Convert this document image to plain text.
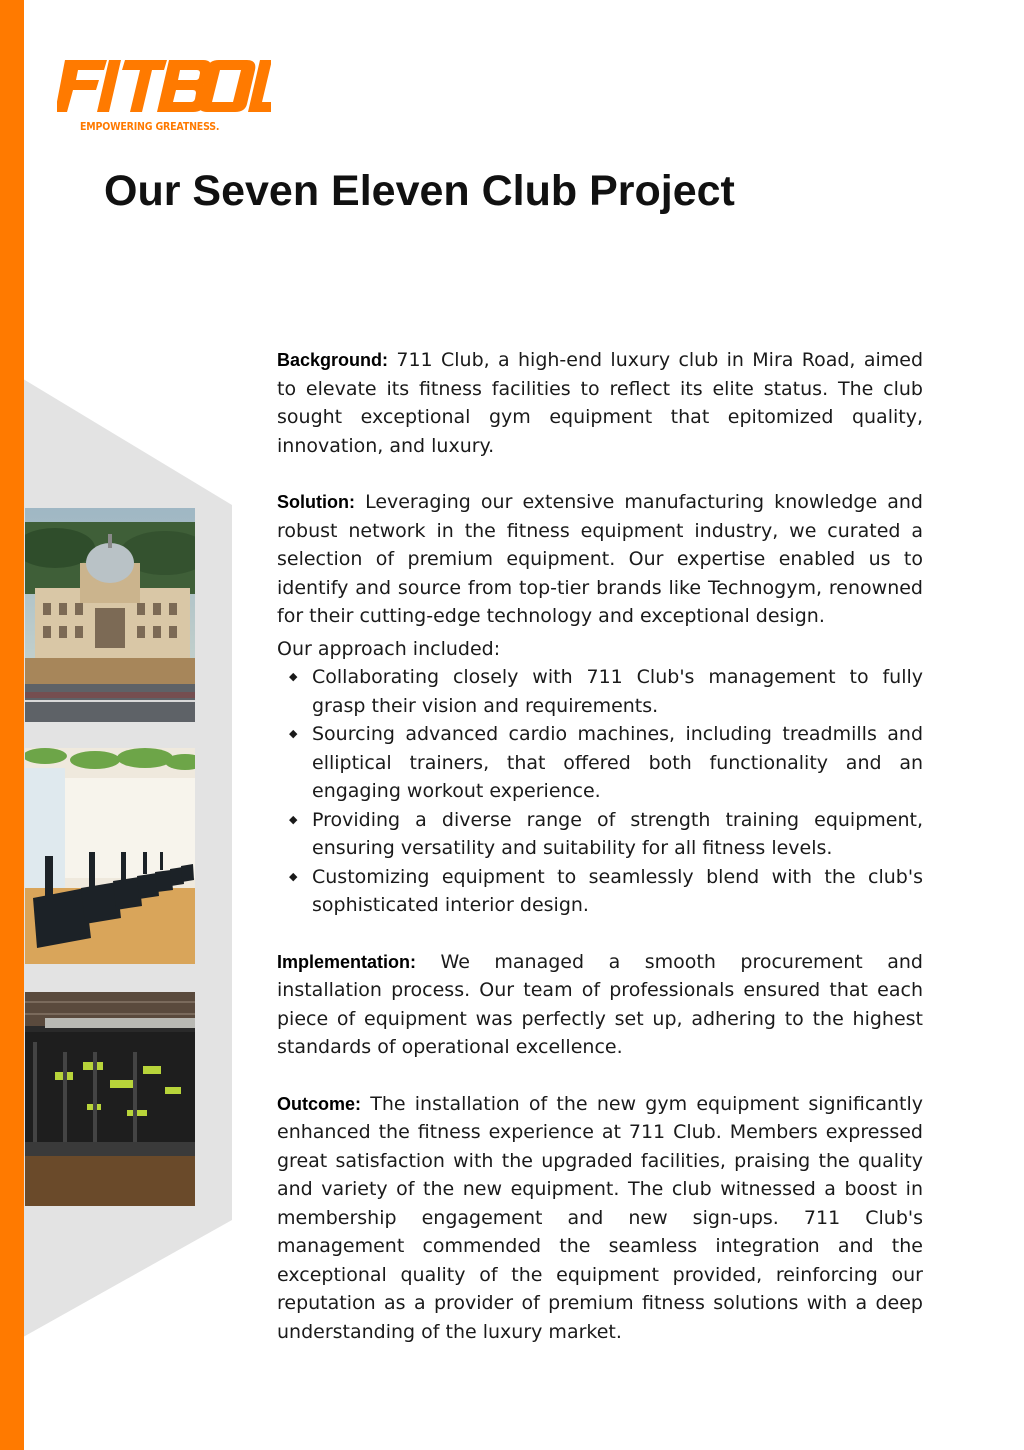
FITBOL
EMPOWERING GREATNESS.
Our Seven Eleven Club Project

Background: 711 Club, a high-end luxury club in Mira Road, aimed to elevate its fitness facilities to reflect its elite status. The club sought exceptional gym equipment that epitomized quality, innovation, and luxury.

Solution: Leveraging our extensive manufacturing knowledge and robust network in the fitness equipment industry, we curated a selection of premium equipment. Our expertise enabled us to identify and source from top-tier brands like Technogym, renowned for their cutting-edge technology and exceptional design.

Our approach included:

◆ Collaborating closely with 711 Club's management to fully grasp their vision and requirements.
◆ Sourcing advanced cardio machines, including treadmills and elliptical trainers, that offered both functionality and an engaging workout experience.
◆ Providing a diverse range of strength training equipment, ensuring versatility and suitability for all fitness levels.
◆ Customizing equipment to seamlessly blend with the club's sophisticated interior design.

Implementation: We managed a smooth procurement and installation process. Our team of professionals ensured that each piece of equipment was perfectly set up, adhering to the highest standards of operational excellence.

Outcome: The installation of the new gym equipment significantly enhanced the fitness experience at 711 Club. Members expressed great satisfaction with the upgraded facilities, praising the quality and variety of the new equipment. The club witnessed a boost in membership engagement and new sign-ups. 711 Club's management commended the seamless integration and the exceptional quality of the equipment provided, reinforcing our reputation as a provider of premium fitness solutions with a deep understanding of the luxury market.
